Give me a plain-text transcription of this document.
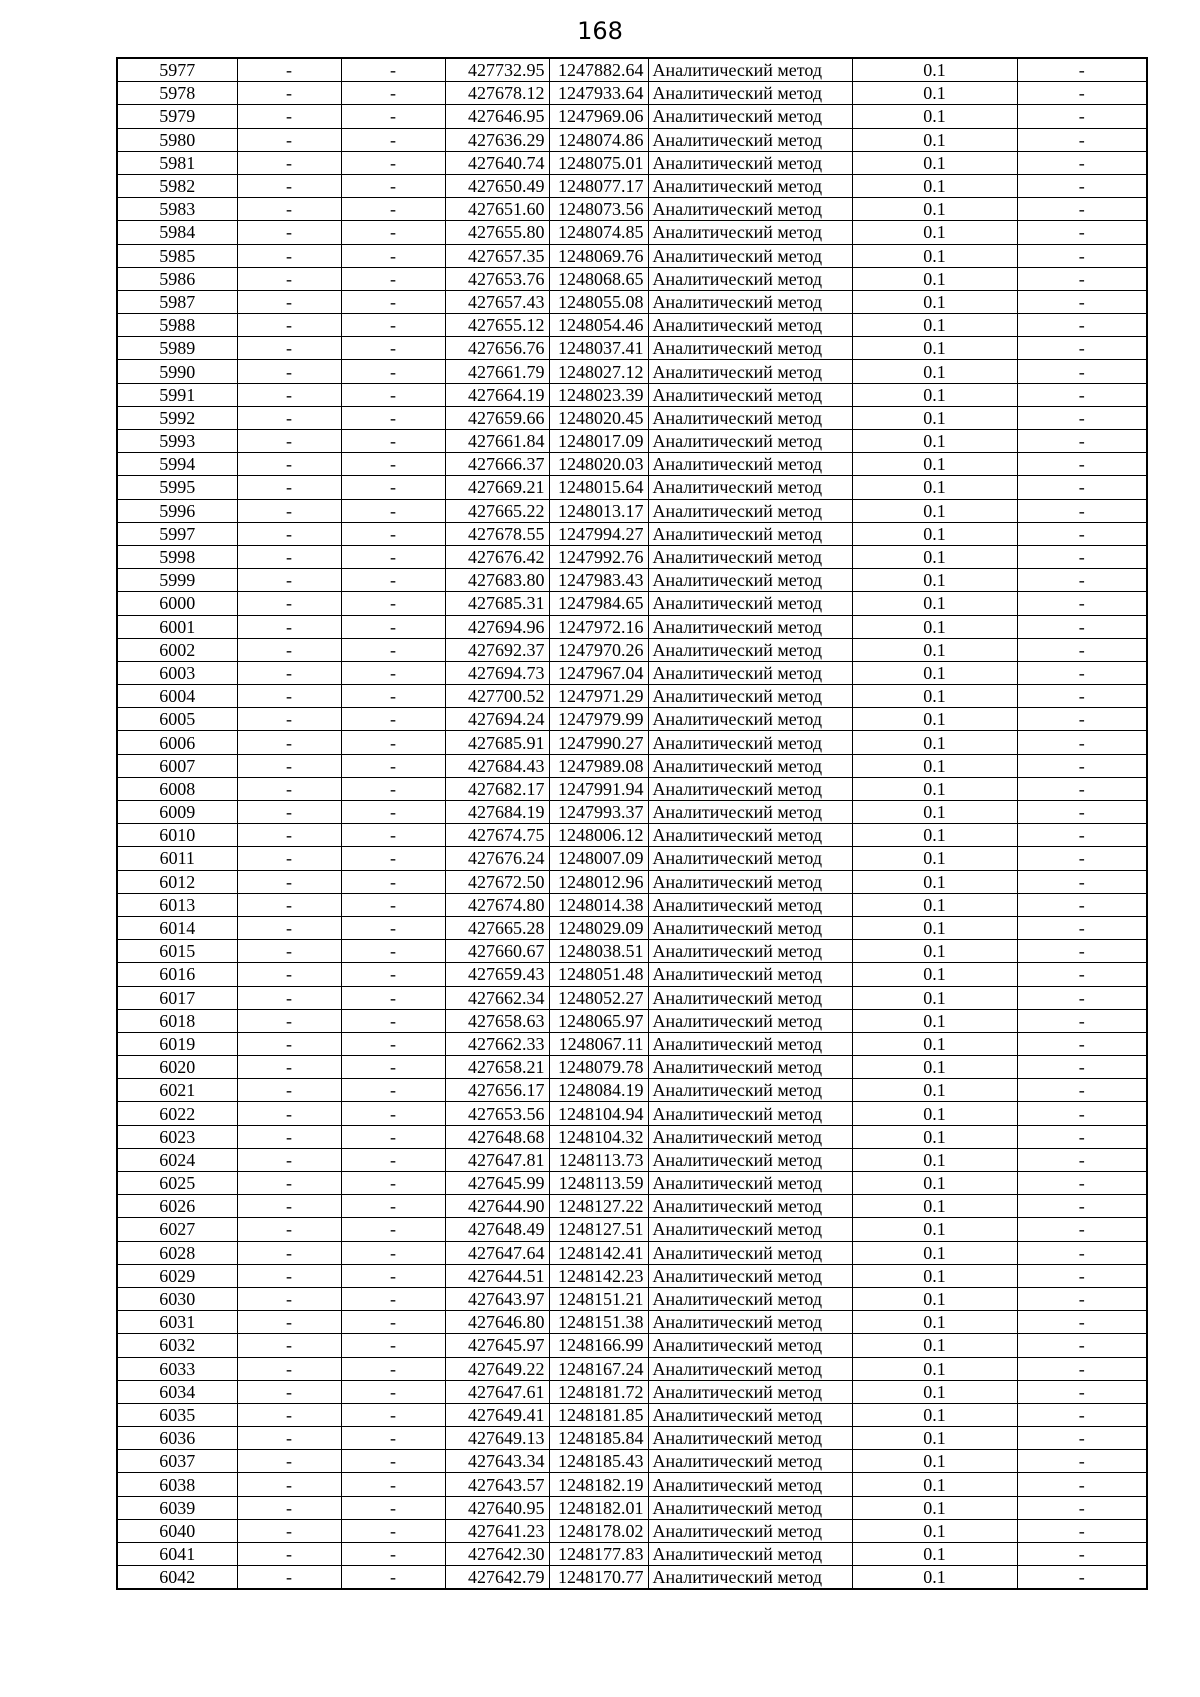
168
5977	-	-	427732.95	1247882.64	Аналитический метод	0.1	-
5978	-	-	427678.12	1247933.64	Аналитический метод	0.1	-
5979	-	-	427646.95	1247969.06	Аналитический метод	0.1	-
5980	-	-	427636.29	1248074.86	Аналитический метод	0.1	-
5981	-	-	427640.74	1248075.01	Аналитический метод	0.1	-
5982	-	-	427650.49	1248077.17	Аналитический метод	0.1	-
5983	-	-	427651.60	1248073.56	Аналитический метод	0.1	-
5984	-	-	427655.80	1248074.85	Аналитический метод	0.1	-
5985	-	-	427657.35	1248069.76	Аналитический метод	0.1	-
5986	-	-	427653.76	1248068.65	Аналитический метод	0.1	-
5987	-	-	427657.43	1248055.08	Аналитический метод	0.1	-
5988	-	-	427655.12	1248054.46	Аналитический метод	0.1	-
5989	-	-	427656.76	1248037.41	Аналитический метод	0.1	-
5990	-	-	427661.79	1248027.12	Аналитический метод	0.1	-
5991	-	-	427664.19	1248023.39	Аналитический метод	0.1	-
5992	-	-	427659.66	1248020.45	Аналитический метод	0.1	-
5993	-	-	427661.84	1248017.09	Аналитический метод	0.1	-
5994	-	-	427666.37	1248020.03	Аналитический метод	0.1	-
5995	-	-	427669.21	1248015.64	Аналитический метод	0.1	-
5996	-	-	427665.22	1248013.17	Аналитический метод	0.1	-
5997	-	-	427678.55	1247994.27	Аналитический метод	0.1	-
5998	-	-	427676.42	1247992.76	Аналитический метод	0.1	-
5999	-	-	427683.80	1247983.43	Аналитический метод	0.1	-
6000	-	-	427685.31	1247984.65	Аналитический метод	0.1	-
6001	-	-	427694.96	1247972.16	Аналитический метод	0.1	-
6002	-	-	427692.37	1247970.26	Аналитический метод	0.1	-
6003	-	-	427694.73	1247967.04	Аналитический метод	0.1	-
6004	-	-	427700.52	1247971.29	Аналитический метод	0.1	-
6005	-	-	427694.24	1247979.99	Аналитический метод	0.1	-
6006	-	-	427685.91	1247990.27	Аналитический метод	0.1	-
6007	-	-	427684.43	1247989.08	Аналитический метод	0.1	-
6008	-	-	427682.17	1247991.94	Аналитический метод	0.1	-
6009	-	-	427684.19	1247993.37	Аналитический метод	0.1	-
6010	-	-	427674.75	1248006.12	Аналитический метод	0.1	-
6011	-	-	427676.24	1248007.09	Аналитический метод	0.1	-
6012	-	-	427672.50	1248012.96	Аналитический метод	0.1	-
6013	-	-	427674.80	1248014.38	Аналитический метод	0.1	-
6014	-	-	427665.28	1248029.09	Аналитический метод	0.1	-
6015	-	-	427660.67	1248038.51	Аналитический метод	0.1	-
6016	-	-	427659.43	1248051.48	Аналитический метод	0.1	-
6017	-	-	427662.34	1248052.27	Аналитический метод	0.1	-
6018	-	-	427658.63	1248065.97	Аналитический метод	0.1	-
6019	-	-	427662.33	1248067.11	Аналитический метод	0.1	-
6020	-	-	427658.21	1248079.78	Аналитический метод	0.1	-
6021	-	-	427656.17	1248084.19	Аналитический метод	0.1	-
6022	-	-	427653.56	1248104.94	Аналитический метод	0.1	-
6023	-	-	427648.68	1248104.32	Аналитический метод	0.1	-
6024	-	-	427647.81	1248113.73	Аналитический метод	0.1	-
6025	-	-	427645.99	1248113.59	Аналитический метод	0.1	-
6026	-	-	427644.90	1248127.22	Аналитический метод	0.1	-
6027	-	-	427648.49	1248127.51	Аналитический метод	0.1	-
6028	-	-	427647.64	1248142.41	Аналитический метод	0.1	-
6029	-	-	427644.51	1248142.23	Аналитический метод	0.1	-
6030	-	-	427643.97	1248151.21	Аналитический метод	0.1	-
6031	-	-	427646.80	1248151.38	Аналитический метод	0.1	-
6032	-	-	427645.97	1248166.99	Аналитический метод	0.1	-
6033	-	-	427649.22	1248167.24	Аналитический метод	0.1	-
6034	-	-	427647.61	1248181.72	Аналитический метод	0.1	-
6035	-	-	427649.41	1248181.85	Аналитический метод	0.1	-
6036	-	-	427649.13	1248185.84	Аналитический метод	0.1	-
6037	-	-	427643.34	1248185.43	Аналитический метод	0.1	-
6038	-	-	427643.57	1248182.19	Аналитический метод	0.1	-
6039	-	-	427640.95	1248182.01	Аналитический метод	0.1	-
6040	-	-	427641.23	1248178.02	Аналитический метод	0.1	-
6041	-	-	427642.30	1248177.83	Аналитический метод	0.1	-
6042	-	-	427642.79	1248170.77	Аналитический метод	0.1	-
